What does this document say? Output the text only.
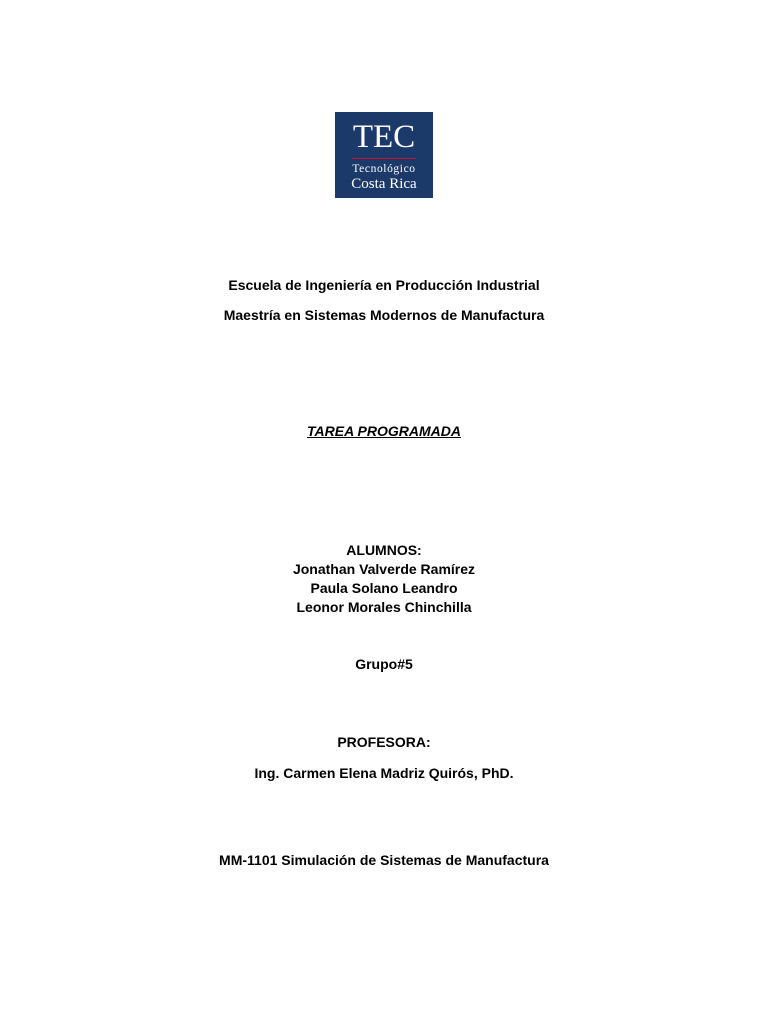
TEC
Tecnológico
Costa Rica
Escuela de Ingeniería en Producción Industrial
Maestría en Sistemas Modernos de Manufactura
TAREA PROGRAMADA
ALUMNOS:
Jonathan Valverde Ramírez
Paula Solano Leandro
Leonor Morales Chinchilla
Grupo#5
PROFESORA:
Ing. Carmen Elena Madriz Quirós, PhD.
MM-1101 Simulación de Sistemas de Manufactura
